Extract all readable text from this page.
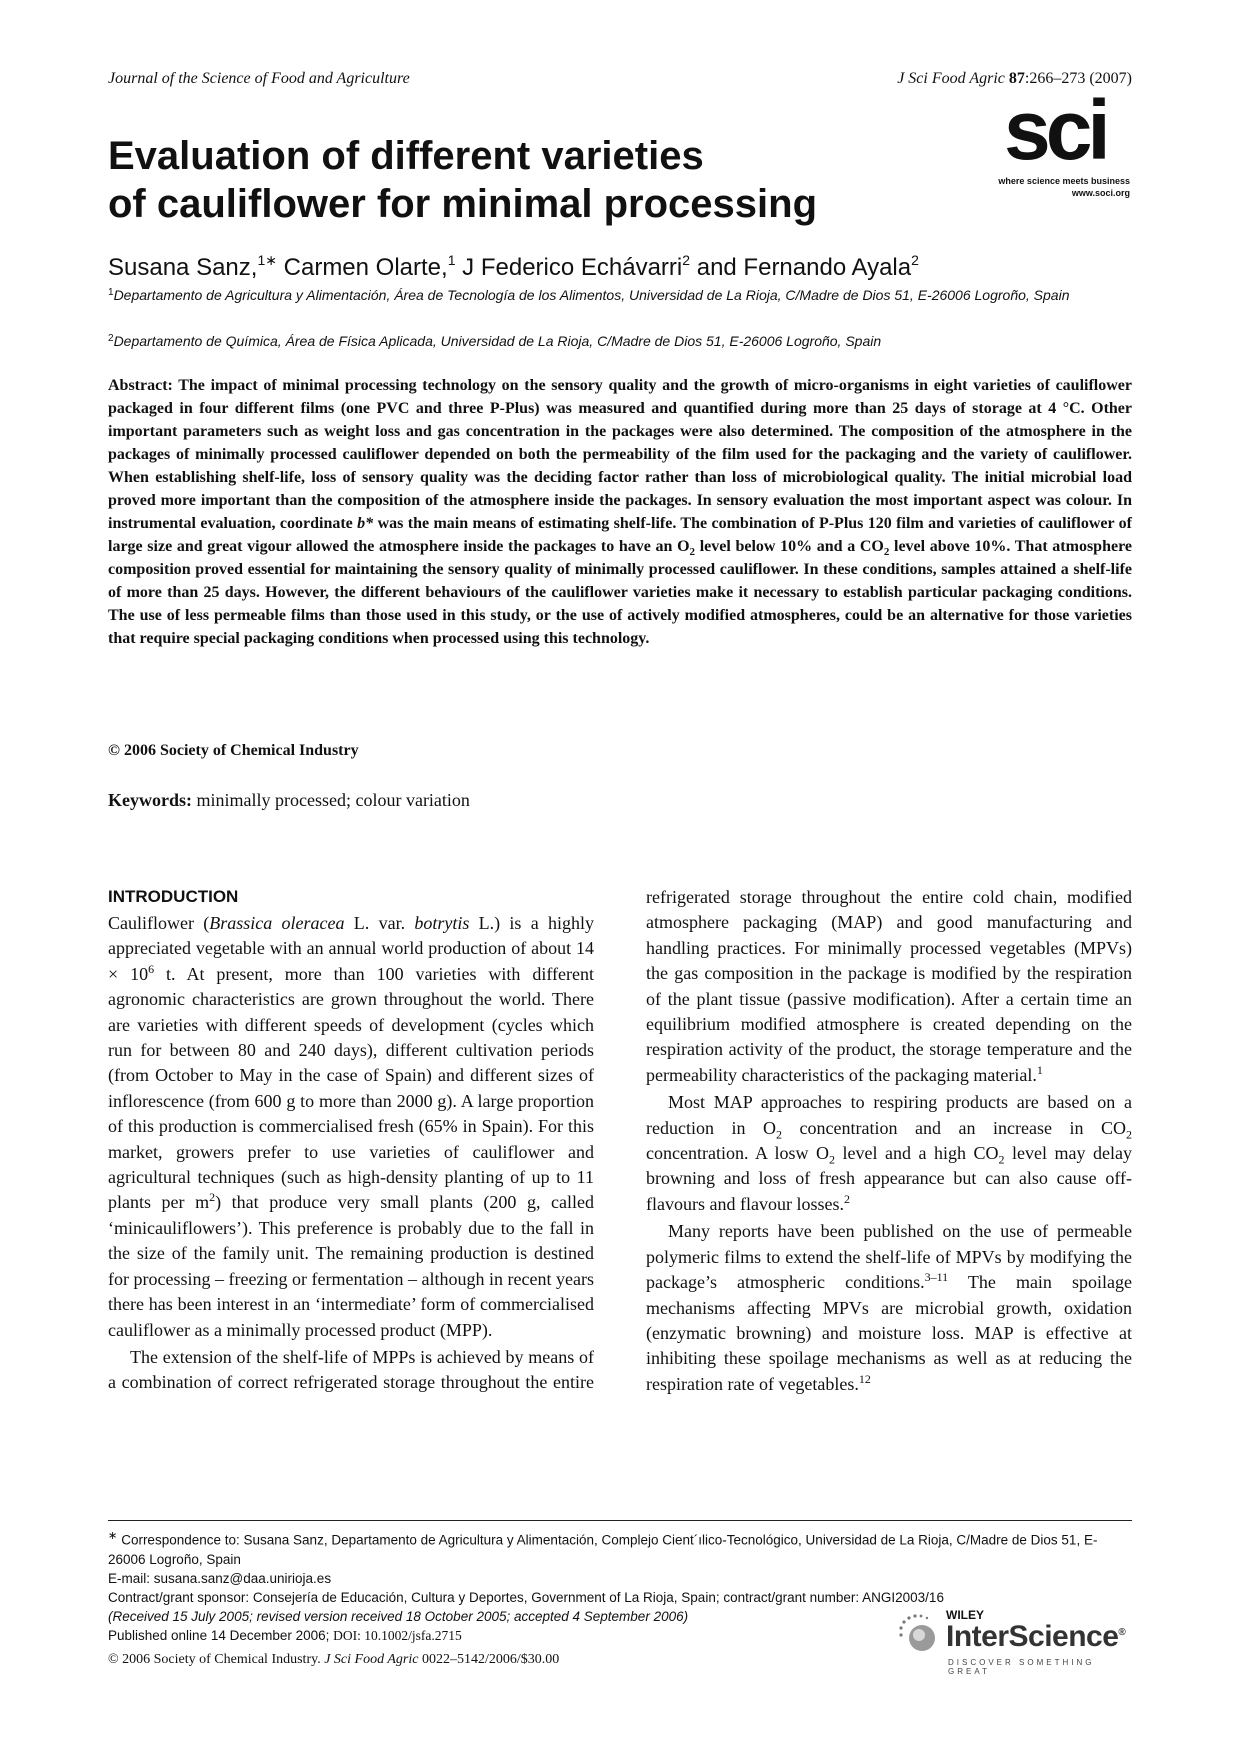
Journal of the Science of Food and Agriculture	J Sci Food Agric 87:266–273 (2007)
sci
where science meets business
www.soci.org
Evaluation of different varieties
of cauliflower for minimal processing

Susana Sanz,$^{1∗}$ Carmen Olarte,$^1$ J Federico Echávarri$^2$ and Fernando Ayala$^2$

$^1$Departamento de Agricultura y Alimentación, Área de Tecnología de los Alimentos, Universidad de La Rioja, C/Madre de Dios 51, E-26006 Logroño, Spain

$^2$Departamento de Química, Área de Física Aplicada, Universidad de La Rioja, C/Madre de Dios 51, E-26006 Logroño, Spain

Abstract: The impact of minimal processing technology on the sensory quality and the growth of micro-organisms in eight varieties of cauliflower packaged in four different films (one PVC and three P-Plus) was measured and quantified during more than 25 days of storage at 4 °C. Other important parameters such as weight loss and gas concentration in the packages were also determined. The composition of the atmosphere in the packages of minimally processed cauliflower depended on both the permeability of the film used for the packaging and the variety of cauliflower. When establishing shelf-life, loss of sensory quality was the deciding factor rather than loss of microbiological quality. The initial microbial load proved more important than the composition of the atmosphere inside the packages. In sensory evaluation the most important aspect was colour. In instrumental evaluation, coordinate b* was the main means of estimating shelf-life. The combination of P-Plus 120 film and varieties of cauliflower of large size and great vigour allowed the atmosphere inside the packages to have an $O_2$ level below 10% and a $CO_2$ level above 10%. That atmosphere composition proved essential for maintaining the sensory quality of minimally processed cauliflower. In these conditions, samples attained a shelf-life of more than 25 days. However, the different behaviours of the cauliflower varieties make it necessary to establish particular packaging conditions. The use of less permeable films than those used in this study, or the use of actively modified atmospheres, could be an alternative for those varieties that require special packaging conditions when processed using this technology.

© 2006 Society of Chemical Industry

Keywords: minimally processed; colour variation

INTRODUCTION

Cauliflower (Brassica oleracea L. var. botrytis L.) is a highly appreciated vegetable with an annual world production of about $14 \times 10^6$ t. At present, more than 100 varieties with different agronomic characteristics are grown throughout the world. There are varieties with different speeds of development (cycles which run for between 80 and 240 days), different cultivation periods (from October to May in the case of Spain) and different sizes of inflorescence (from 600 g to more than 2000 g). A large proportion of this production is commercialised fresh (65% in Spain). For this market, growers prefer to use varieties of cauliflower and agricultural techniques (such as high-density planting of up to 11 plants per $m^2$) that produce very small plants (200 g, called ‘minicauliflowers’). This preference is probably due to the fall in the size of the family unit. The remaining production is destined for processing – freezing or fermentation – although in recent years there has been interest in an ‘intermediate’ form of commercialised cauliflower as a minimally processed product (MPP).

The extension of the shelf-life of MPPs is achieved by means of a combination of correct refrigerated storage throughout the entire

refrigerated storage throughout the entire cold chain, modified atmosphere packaging (MAP) and good manufacturing and handling practices. For minimally processed vegetables (MPVs) the gas composition in the package is modified by the respiration of the plant tissue (passive modification). After a certain time an equilibrium modified atmosphere is created depending on the respiration activity of the product, the storage temperature and the permeability characteristics of the packaging material.$^1$

Most MAP approaches to respiring products are based on a reduction in $O_2$ concentration and an increase in $CO_2$ concentration. A losw $O_2$ level and a high $CO_2$ level may delay browning and loss of fresh appearance but can also cause off-flavours and flavour losses.$^2$

Many reports have been published on the use of permeable polymeric films to extend the shelf-life of MPVs by modifying the package’s atmospheric conditions.$^{3-11}$ The main spoilage mechanisms affecting MPVs are microbial growth, oxidation (enzymatic browning) and moisture loss. MAP is effective at inhibiting these spoilage mechanisms as well as at reducing the respiration rate of vegetables.$^{12}$

∗ Correspondence to: Susana Sanz, Departamento de Agricultura y Alimentación, Complejo Cient´ılico-Tecnológico, Universidad de La Rioja, C/Madre de Dios 51, E-26006 Logroño, Spain

E-mail: susana.sanz@daa.unirioja.es

Contract/grant sponsor: Consejería de Educación, Cultura y Deportes, Government of La Rioja, Spain; contract/grant number: ANGI2003/16

(Received 15 July 2005; revised version received 18 October 2005; accepted 4 September 2006)

Published online 14 December 2006; DOI: 10.1002/jsfa.2715

© 2006 Society of Chemical Industry. J Sci Food Agric 0022–5142/2006/$30.00

WILEY
InterScience®
DISCOVER SOMETHING GREAT
